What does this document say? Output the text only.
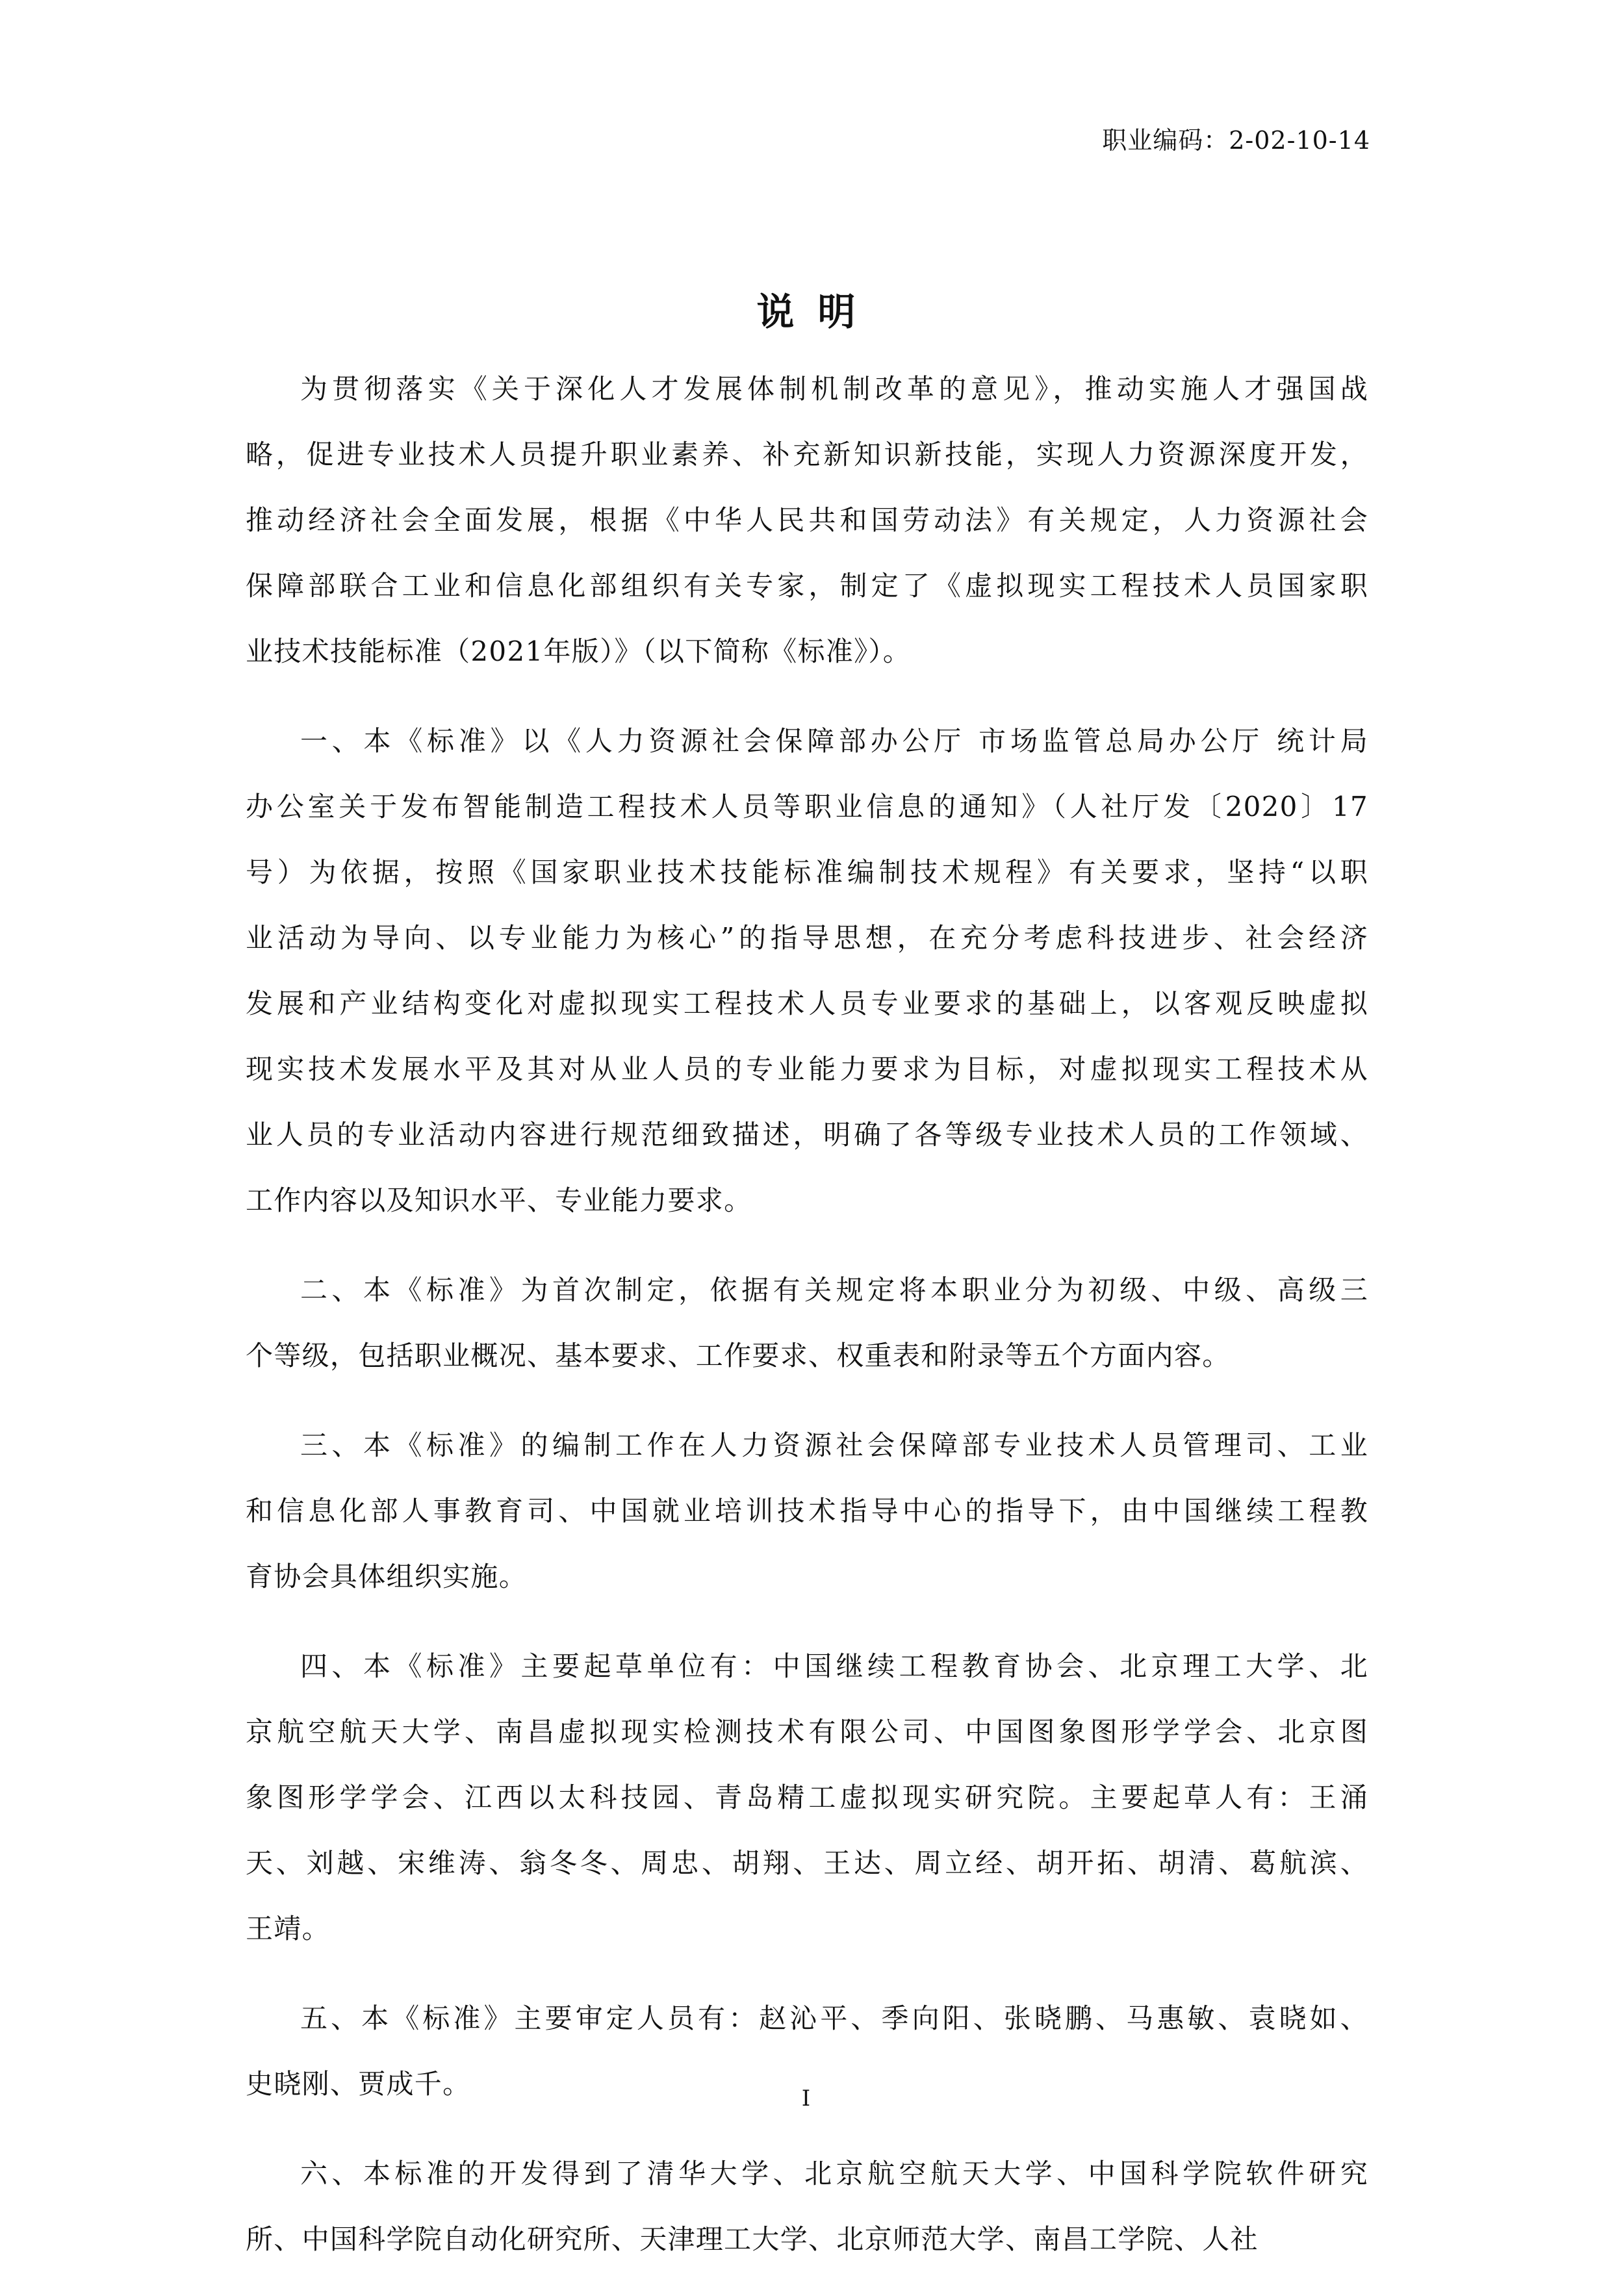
职业编码：2-02-10-14
说明

为贯彻落实《关于深化人才发展体制机制改革的意见》，推动实施人才强国战
略，促进专业技术人员提升职业素养、补充新知识新技能，实现人力资源深度开发，
推动经济社会全面发展，根据《中华人民共和国劳动法》有关规定，人力资源社会
保障部联合工业和信息化部组织有关专家，制定了《虚拟现实工程技术人员国家职
业技术技能标准（2021年版）》（以下简称《标准》）。

一、本《标准》以《人力资源社会保障部办公厅 市场监管总局办公厅 统计局
办公室关于发布智能制造工程技术人员等职业信息的通知》（人社厅发〔2020〕17
号）为依据，按照《国家职业技术技能标准编制技术规程》有关要求，坚持“以职
业活动为导向、以专业能力为核心”的指导思想，在充分考虑科技进步、社会经济
发展和产业结构变化对虚拟现实工程技术人员专业要求的基础上，以客观反映虚拟
现实技术发展水平及其对从业人员的专业能力要求为目标，对虚拟现实工程技术从
业人员的专业活动内容进行规范细致描述，明确了各等级专业技术人员的工作领域、
工作内容以及知识水平、专业能力要求。

二、本《标准》为首次制定，依据有关规定将本职业分为初级、中级、高级三
个等级，包括职业概况、基本要求、工作要求、权重表和附录等五个方面内容。

三、本《标准》的编制工作在人力资源社会保障部专业技术人员管理司、工业
和信息化部人事教育司、中国就业培训技术指导中心的指导下，由中国继续工程教
育协会具体组织实施。

四、本《标准》主要起草单位有：中国继续工程教育协会、北京理工大学、北
京航空航天大学、南昌虚拟现实检测技术有限公司、中国图象图形学学会、北京图
象图形学学会、江西以太科技园、青岛精工虚拟现实研究院。主要起草人有：王涌
天、刘越、宋维涛、翁冬冬、周忠、胡翔、王达、周立经、胡开拓、胡清、葛航滨、
王靖。

五、本《标准》主要审定人员有：赵沁平、季向阳、张晓鹏、马惠敏、袁晓如、
史晓刚、贾成千。

六、本标准的开发得到了清华大学、北京航空航天大学、中国科学院软件研究
所、中国科学院自动化研究所、天津理工大学、北京师范大学、南昌工学院、人社

I
